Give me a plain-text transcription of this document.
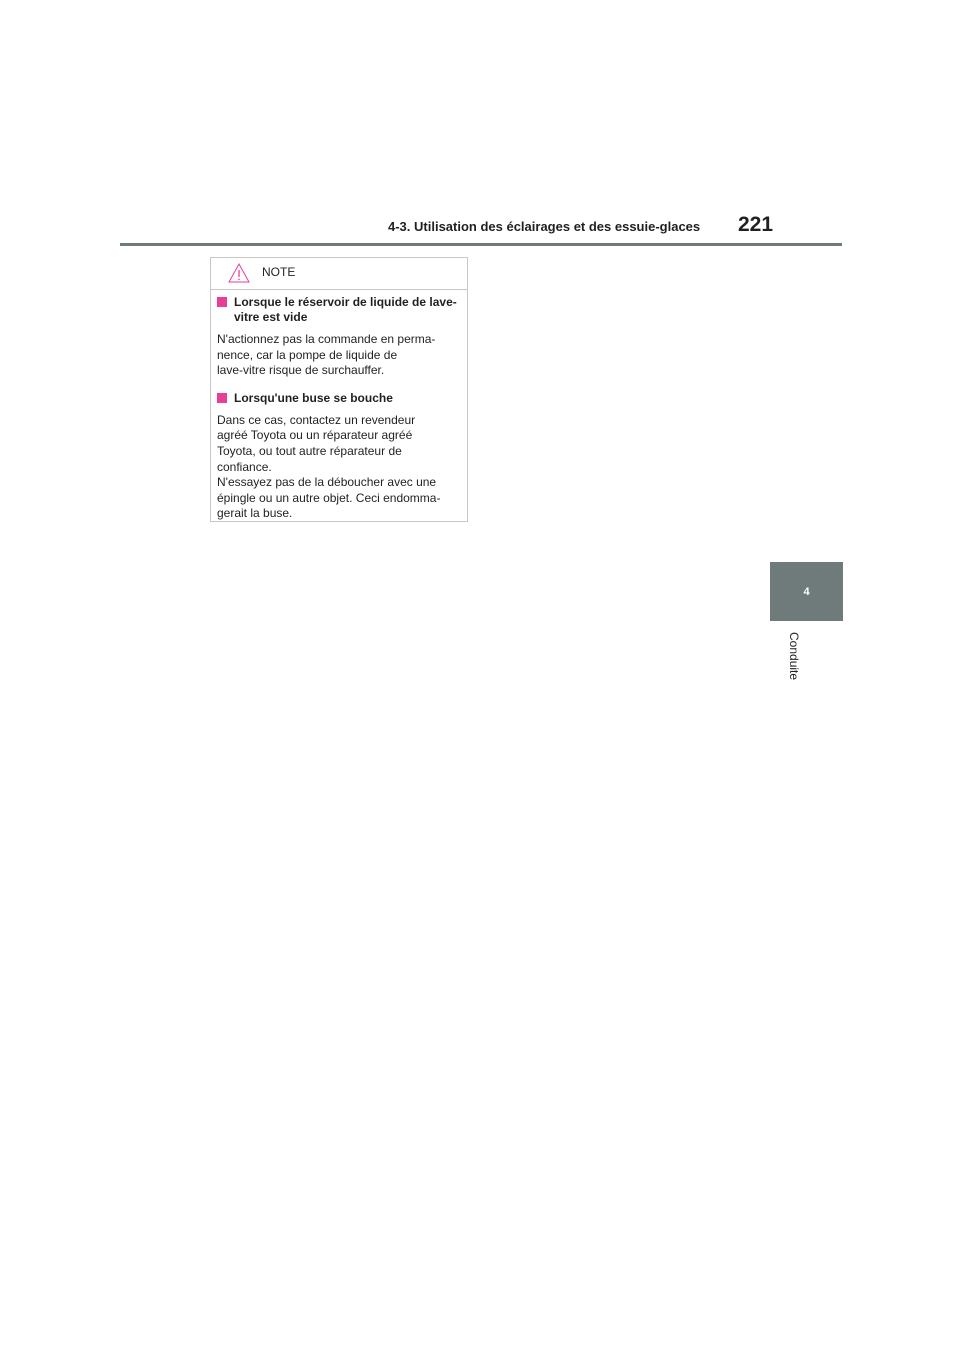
4-3. Utilisation des éclairages et des essuie-glaces 221
4
Conduite
NOTE
Lorsque le réservoir de liquide de lave-vitre est vide
N'actionnez pas la commande en perma-
nence, car la pompe de liquide de
lave-vitre risque de surchauffer.
Lorsqu'une buse se bouche
Dans ce cas, contactez un revendeur
agréé Toyota ou un réparateur agréé
Toyota, ou tout autre réparateur de
confiance.
N'essayez pas de la déboucher avec une
épingle ou un autre objet. Ceci endomma-
gerait la buse.
